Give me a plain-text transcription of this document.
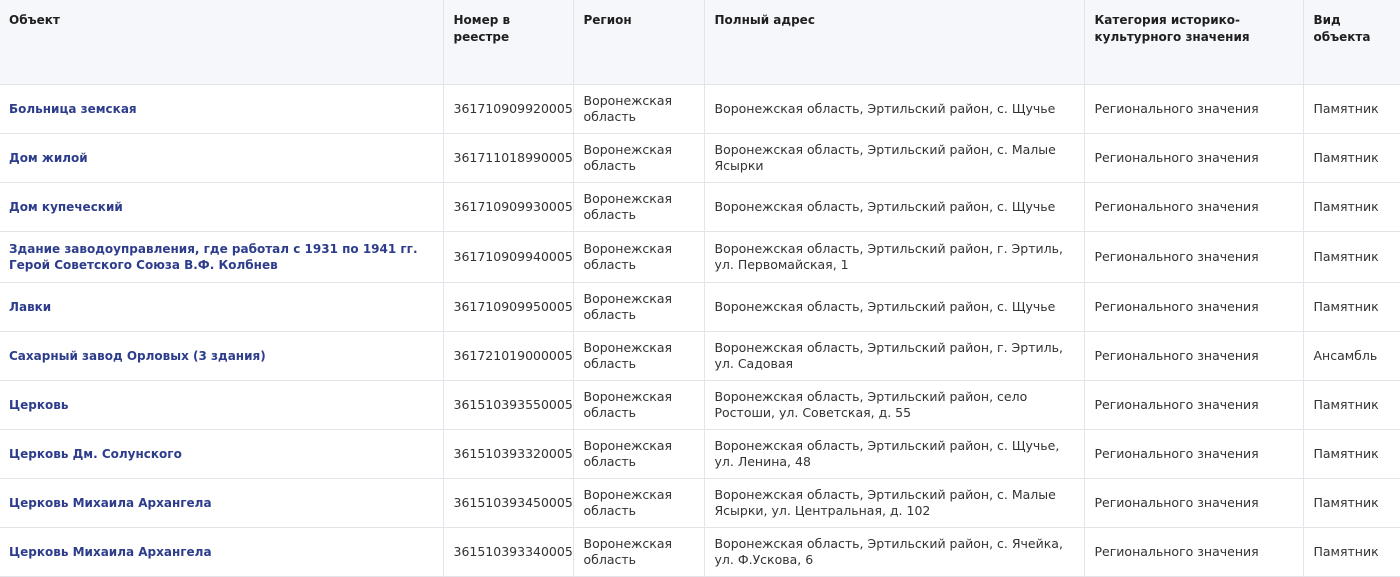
Объект	Номер в реестре	Регион	Полный адрес	Категория историко-культурного значения	Вид объекта
Больница земская	361710909920005	Воронежская область	Воронежская область, Эртильский район, с. Щучье	Регионального значения	Памятник
Дом жилой	361711018990005	Воронежская область	Воронежская область, Эртильский район, с. Малые Ясырки	Регионального значения	Памятник
Дом купеческий	361710909930005	Воронежская область	Воронежская область, Эртильский район, с. Щучье	Регионального значения	Памятник
Здание заводоуправления, где работал с 1931 по 1941 гг. Герой Советского Союза В.Ф. Колбнев	361710909940005	Воронежская область	Воронежская область, Эртильский район, г. Эртиль, ул. Первомайская, 1	Регионального значения	Памятник
Лавки	361710909950005	Воронежская область	Воронежская область, Эртильский район, с. Щучье	Регионального значения	Памятник
Сахарный завод Орловых (3 здания)	361721019000005	Воронежская область	Воронежская область, Эртильский район, г. Эртиль, ул. Садовая	Регионального значения	Ансамбль
Церковь	361510393550005	Воронежская область	Воронежская область, Эртильский район, село Ростоши, ул. Советская, д. 55	Регионального значения	Памятник
Церковь Дм. Солунского	361510393320005	Воронежская область	Воронежская область, Эртильский район, с. Щучье, ул. Ленина, 48	Регионального значения	Памятник
Церковь Михаила Архангела	361510393450005	Воронежская область	Воронежская область, Эртильский район, с. Малые Ясырки, ул. Центральная, д. 102	Регионального значения	Памятник
Церковь Михаила Архангела	361510393340005	Воронежская область	Воронежская область, Эртильский район, с. Ячейка, ул. Ф.Ускова, 6	Регионального значения	Памятник
